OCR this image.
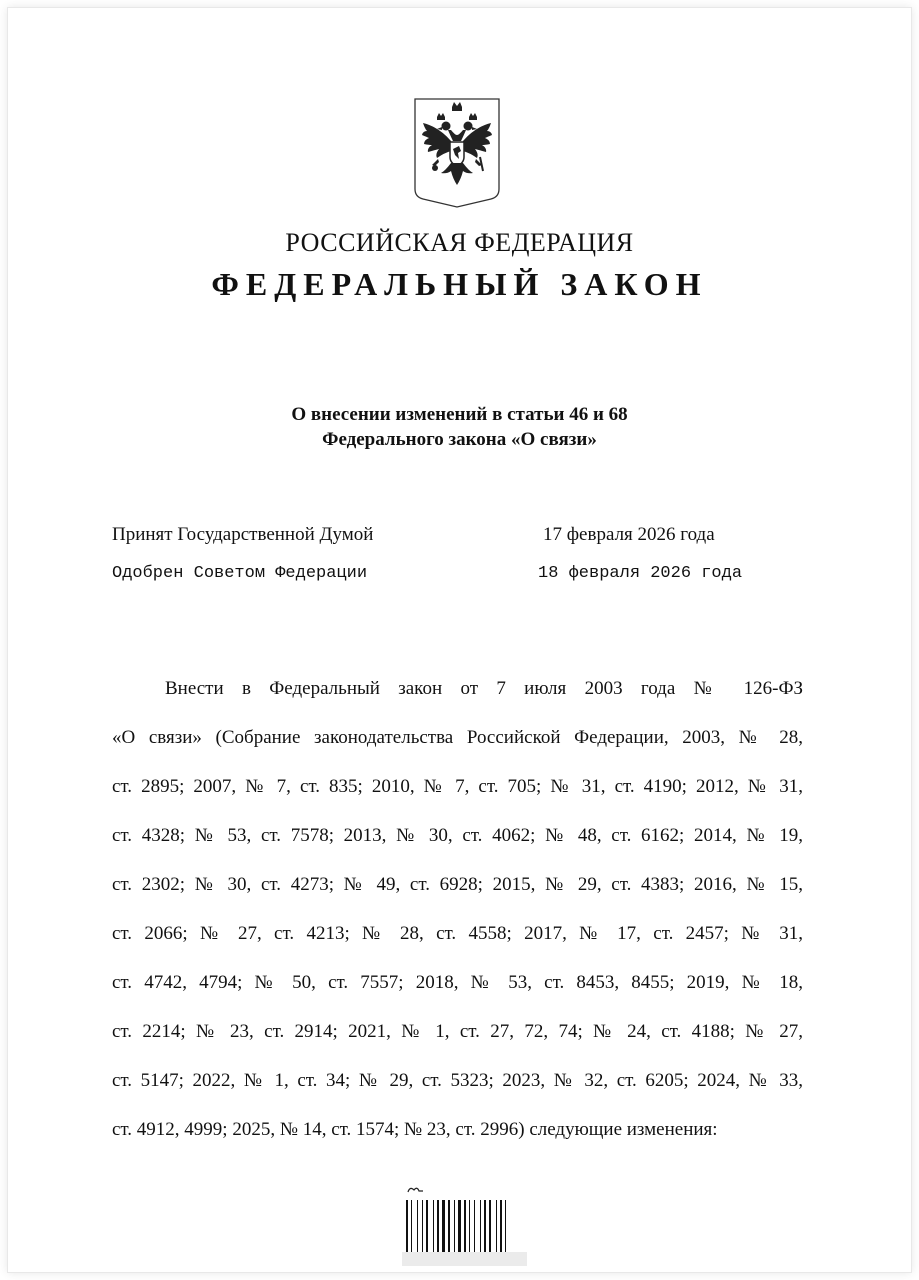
РОССИЙСКАЯ ФЕДЕРАЦИЯ
ФЕДЕРАЛЬНЫЙ ЗАКОН
О внесении изменений в статьи 46 и 68
Федерального закона «О связи»
Принят Государственной Думой	17 февраля 2026 года
Одобрен Советом Федерации	18 февраля 2026 года
Внести в Федеральный закон от 7 июля 2003 года № 126-ФЗ
«О связи» (Собрание законодательства Российской Федерации, 2003, № 28,
ст. 2895; 2007, № 7, ст. 835; 2010, № 7, ст. 705; № 31, ст. 4190; 2012, № 31,
ст. 4328; № 53, ст. 7578; 2013, № 30, ст. 4062; № 48, ст. 6162; 2014, № 19,
ст. 2302; № 30, ст. 4273; № 49, ст. 6928; 2015, № 29, ст. 4383; 2016, № 15,
ст. 2066; № 27, ст. 4213; № 28, ст. 4558; 2017, № 17, ст. 2457; № 31,
ст. 4742, 4794; № 50, ст. 7557; 2018, № 53, ст. 8453, 8455; 2019, № 18,
ст. 2214; № 23, ст. 2914; 2021, № 1, ст. 27, 72, 74; № 24, ст. 4188; № 27,
ст. 5147; 2022, № 1, ст. 34; № 29, ст. 5323; 2023, № 32, ст. 6205; 2024, № 33,
ст. 4912, 4999; 2025, № 14, ст. 1574; № 23, ст. 2996) следующие изменения:
